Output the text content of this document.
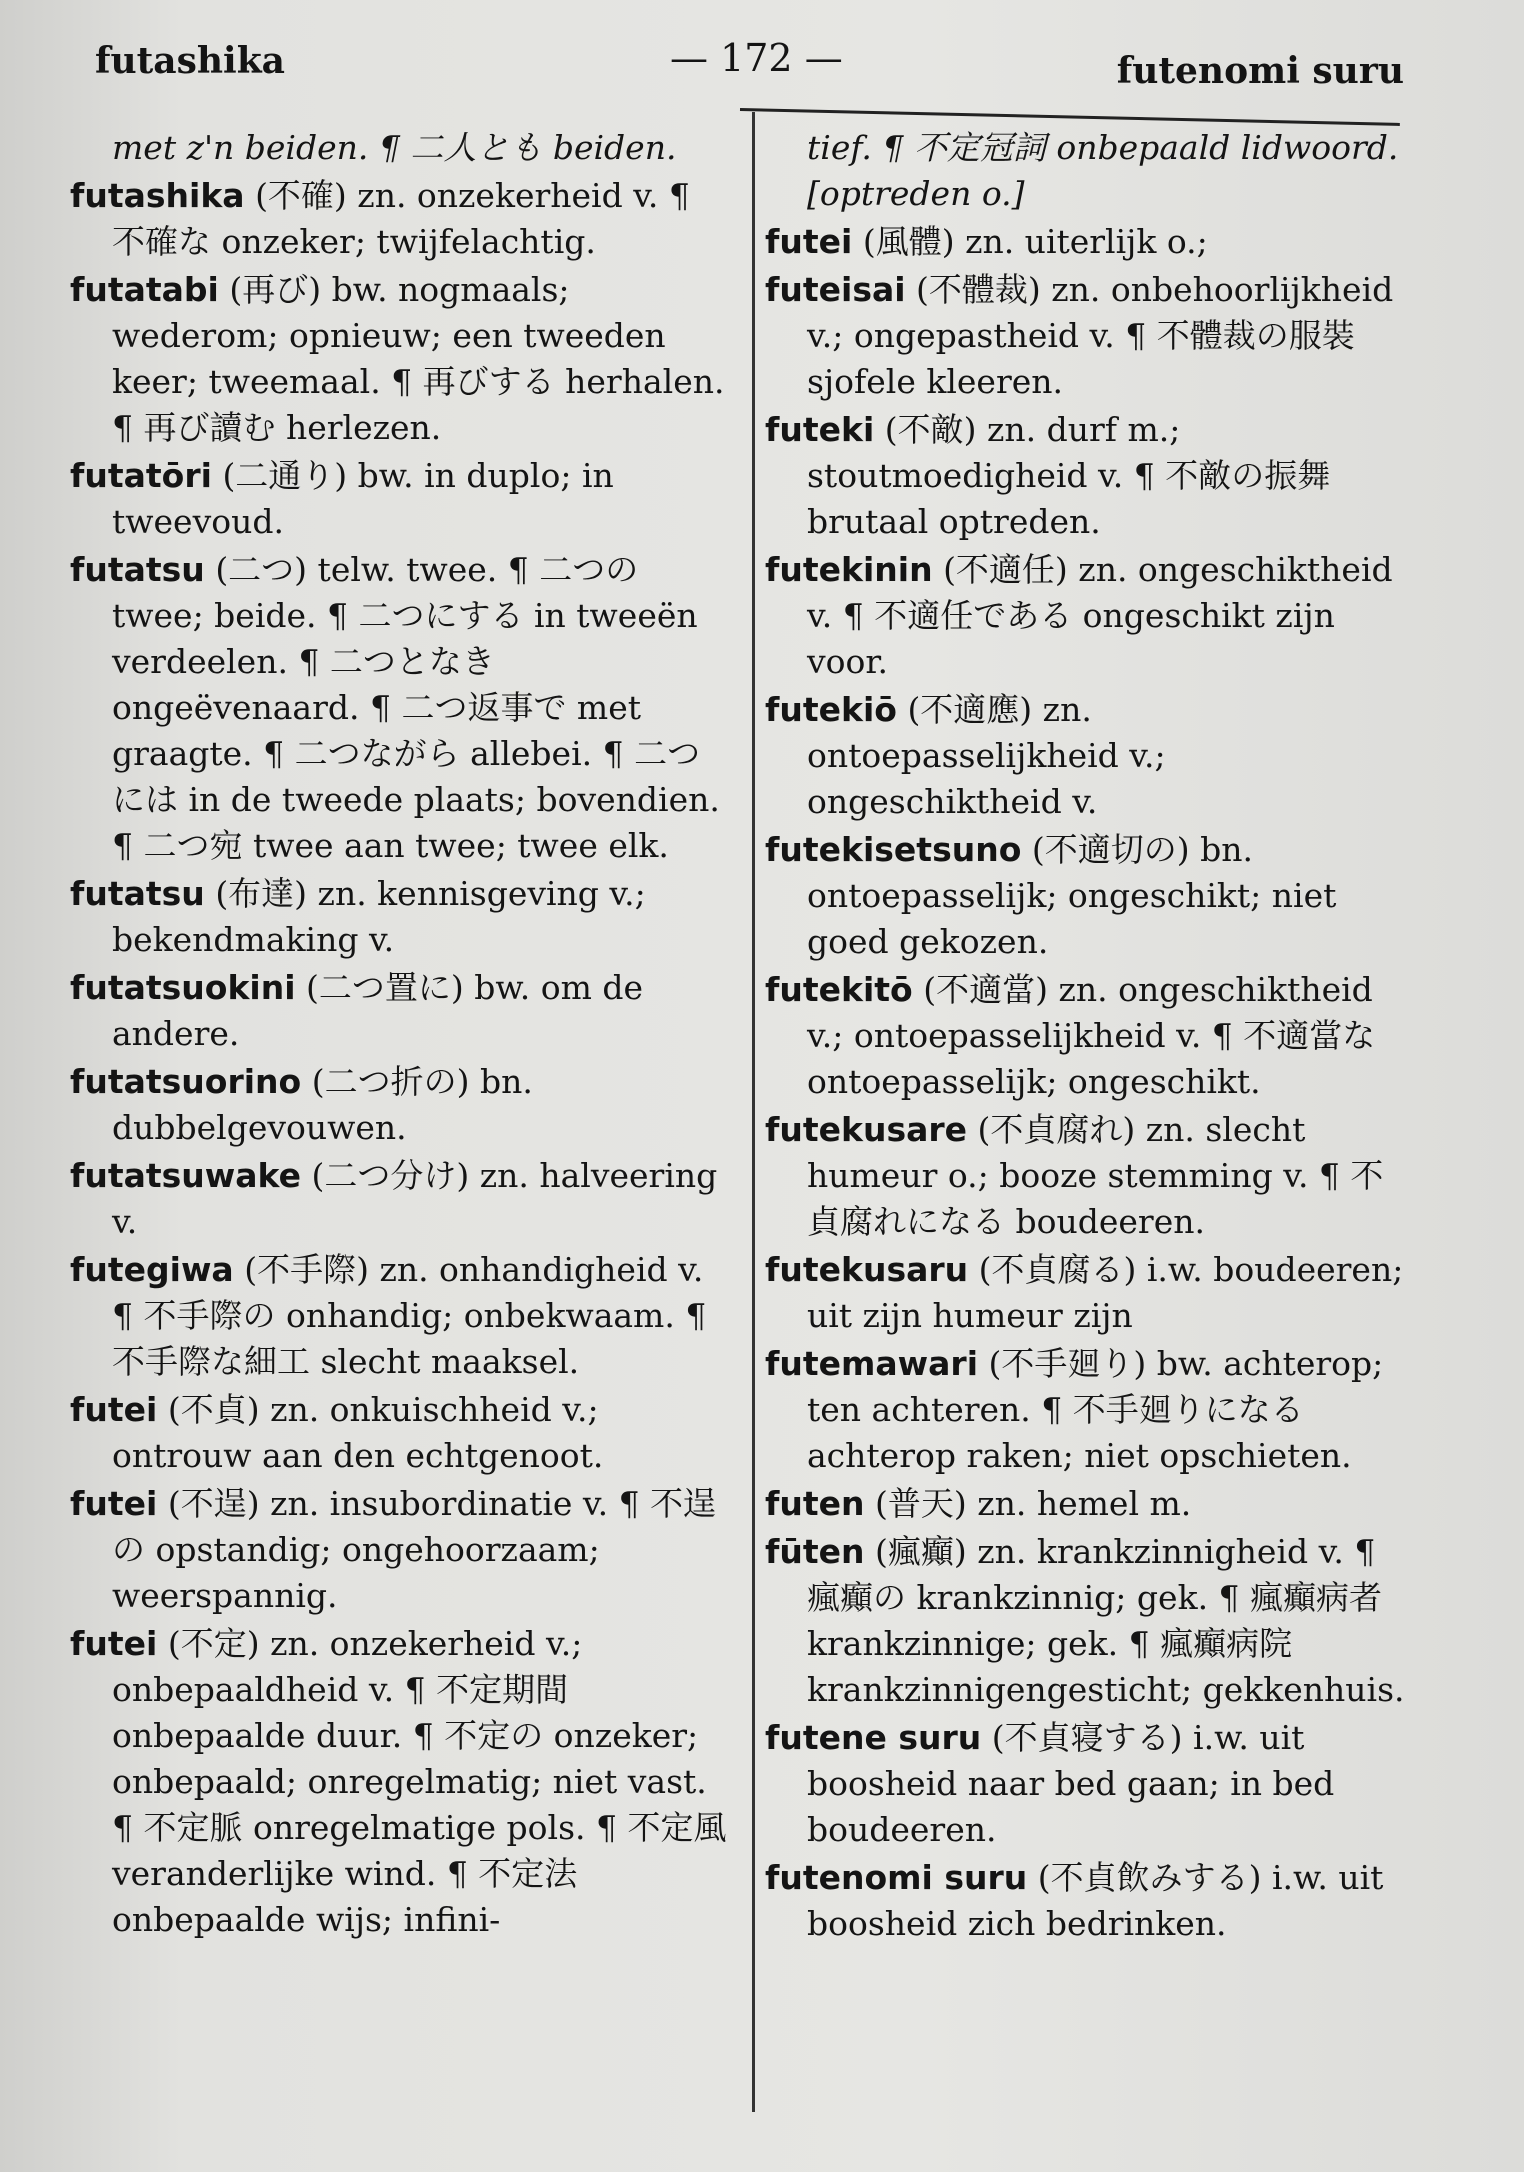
futashika	— 172 —	futenomi suru
met z'n beiden. ¶ 二人とも beiden.
futashika (不確) zn. onzekerheid v. ¶ 不確な onzeker; twijfelachtig.
futatabi (再び) bw. nogmaals; wederom; opnieuw; een tweeden keer; tweemaal. ¶ 再びする herhalen. ¶ 再び讀む herlezen.
futatōri (二通り) bw. in duplo; in tweevoud.
futatsu (二つ) telw. twee. ¶ 二つの twee; beide. ¶ 二つにする in tweeën verdeelen. ¶ 二つとなき ongeëvenaard. ¶ 二つ返事で met graagte. ¶ 二つながら allebei. ¶ 二つには in de tweede plaats; bovendien. ¶ 二つ宛 twee aan twee; twee elk.
futatsu (布達) zn. kennisgeving v.; bekendmaking v.
futatsuokini (二つ置に) bw. om de andere.
futatsuorino (二つ折の) bn. dubbelgevouwen.
futatsuwake (二つ分け) zn. halveering v.
futegiwa (不手際) zn. onhandigheid v. ¶ 不手際の onhandig; onbekwaam. ¶ 不手際な細工 slecht maaksel.
futei (不貞) zn. onkuischheid v.; ontrouw aan den echtgenoot.
futei (不逞) zn. insubordinatie v. ¶ 不逞の opstandig; ongehoorzaam; weerspannig.
futei (不定) zn. onzekerheid v.; onbepaaldheid v. ¶ 不定期間 onbepaalde duur. ¶ 不定の onzeker; onbepaald; onregelmatig; niet vast. ¶ 不定脈 onregelmatige pols. ¶ 不定風 veranderlijke wind. ¶ 不定法 onbepaalde wijs; infini-
tief. ¶ 不定冠詞 onbepaald lidwoord. [optreden o.]
futei (風體) zn. uiterlijk o.;
futeisai (不體裁) zn. onbehoorlijkheid v.; ongepastheid v. ¶ 不體裁の服裝 sjofele kleeren.
futeki (不敵) zn. durf m.; stoutmoedigheid v. ¶ 不敵の振舞 brutaal optreden.
futekinin (不適任) zn. ongeschiktheid v. ¶ 不適任である ongeschikt zijn voor.
futekiō (不適應) zn. ontoepasselijkheid v.; ongeschiktheid v.
futekisetsuno (不適切の) bn. ontoepasselijk; ongeschikt; niet goed gekozen.
futekitō (不適當) zn. ongeschiktheid v.; ontoepasselijkheid v. ¶ 不適當な ontoepasselijk; ongeschikt.
futekusare (不貞腐れ) zn. slecht humeur o.; booze stemming v. ¶ 不貞腐れになる boudeeren.
futekusaru (不貞腐る) i.w. boudeeren; uit zijn humeur zijn
futemawari (不手廻り) bw. achterop; ten achteren. ¶ 不手廻りになる achterop raken; niet opschieten.
futen (普天) zn. hemel m.
fūten (瘋癲) zn. krankzinnigheid v. ¶ 瘋癲の krankzinnig; gek. ¶ 瘋癲病者 krankzinnige; gek. ¶ 瘋癲病院 krankzinnigengesticht; gekkenhuis.
futene suru (不貞寝する) i.w. uit boosheid naar bed gaan; in bed boudeeren.
futenomi suru (不貞飲みする) i.w. uit boosheid zich bedrinken.
